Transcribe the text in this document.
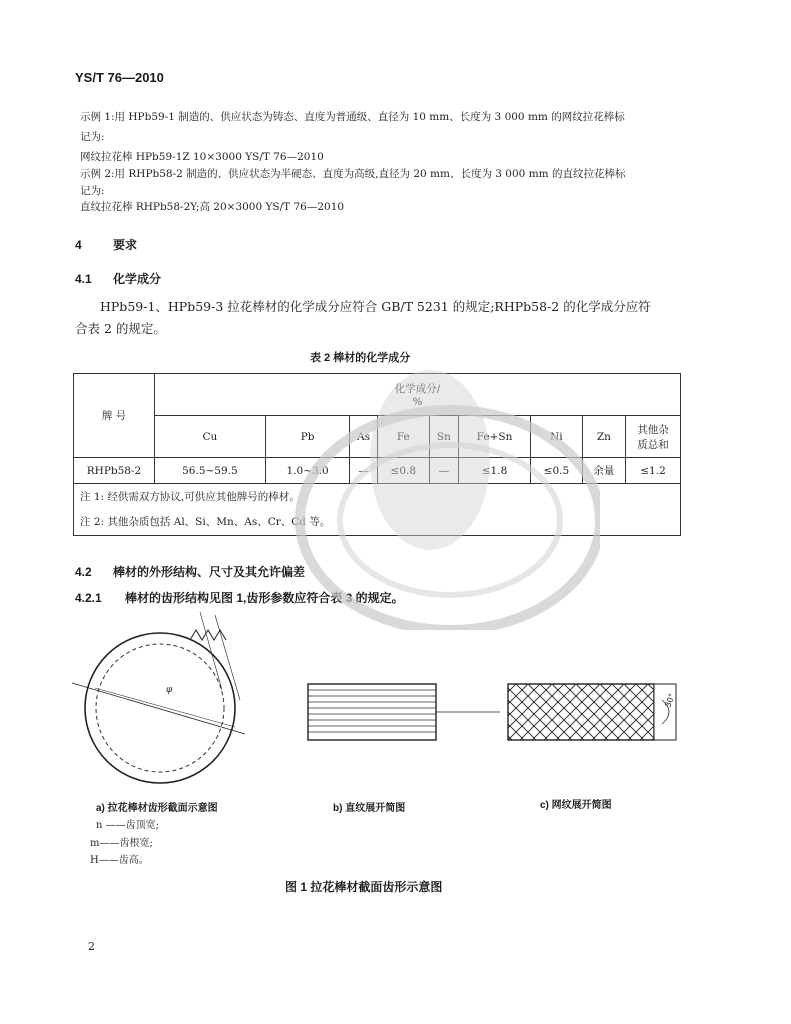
YS/T 76—2010
示例 1:用 HPb59-1 制造的、供应状态为铸态、直度为普通级、直径为 10 mm、长度为 3 000 mm 的网纹拉花棒标
记为:
网纹拉花棒 HPb59-1Z 10×3000 YS/T 76—2010
示例 2:用 RHPb58-2 制造的、供应状态为半硬态、直度为高级,直径为 20 mm、长度为 3 000 mm 的直纹拉花棒标
记为:
直纹拉花棒 RHPb58-2Y;高 20×3000 YS/T 76—2010
4	要求
4.1 化学成分
HPb59-1、HPb59-3 拉花棒材的化学成分应符合 GB/T 5231 的规定;RHPb58-2 的化学成分应符
合表 2 的规定。
表 2 棒材的化学成分
牌 号	化学成分/
%								

	Cu	Pb	As	Fe	Sn	Fe+Sn	Ni	Zn	其他杂
质总和

RHPb58-2	56.5~59.5	1.0~3.0	—	≤0.8	—	≤1.8	≤0.5	余量	≤1.2
注 1: 经供需双方协议,可供应其他牌号的棒材。									
注 2: 其他杂质包括 Al、Si、Mn、As、Cr、Cd 等。									
4.2 棒材的外形结构、尺寸及其允许偏差
4.2.1 棒材的齿形结构见图 1,齿形参数应符合表 3 的规定。
φ
30°
a) 拉花棒材齿形截面示意图	b) 直纹展开简图	c) 网纹展开简图
n ——齿顶宽;
m——齿根宽;
H——齿高。
图 1 拉花棒材截面齿形示意图
2
